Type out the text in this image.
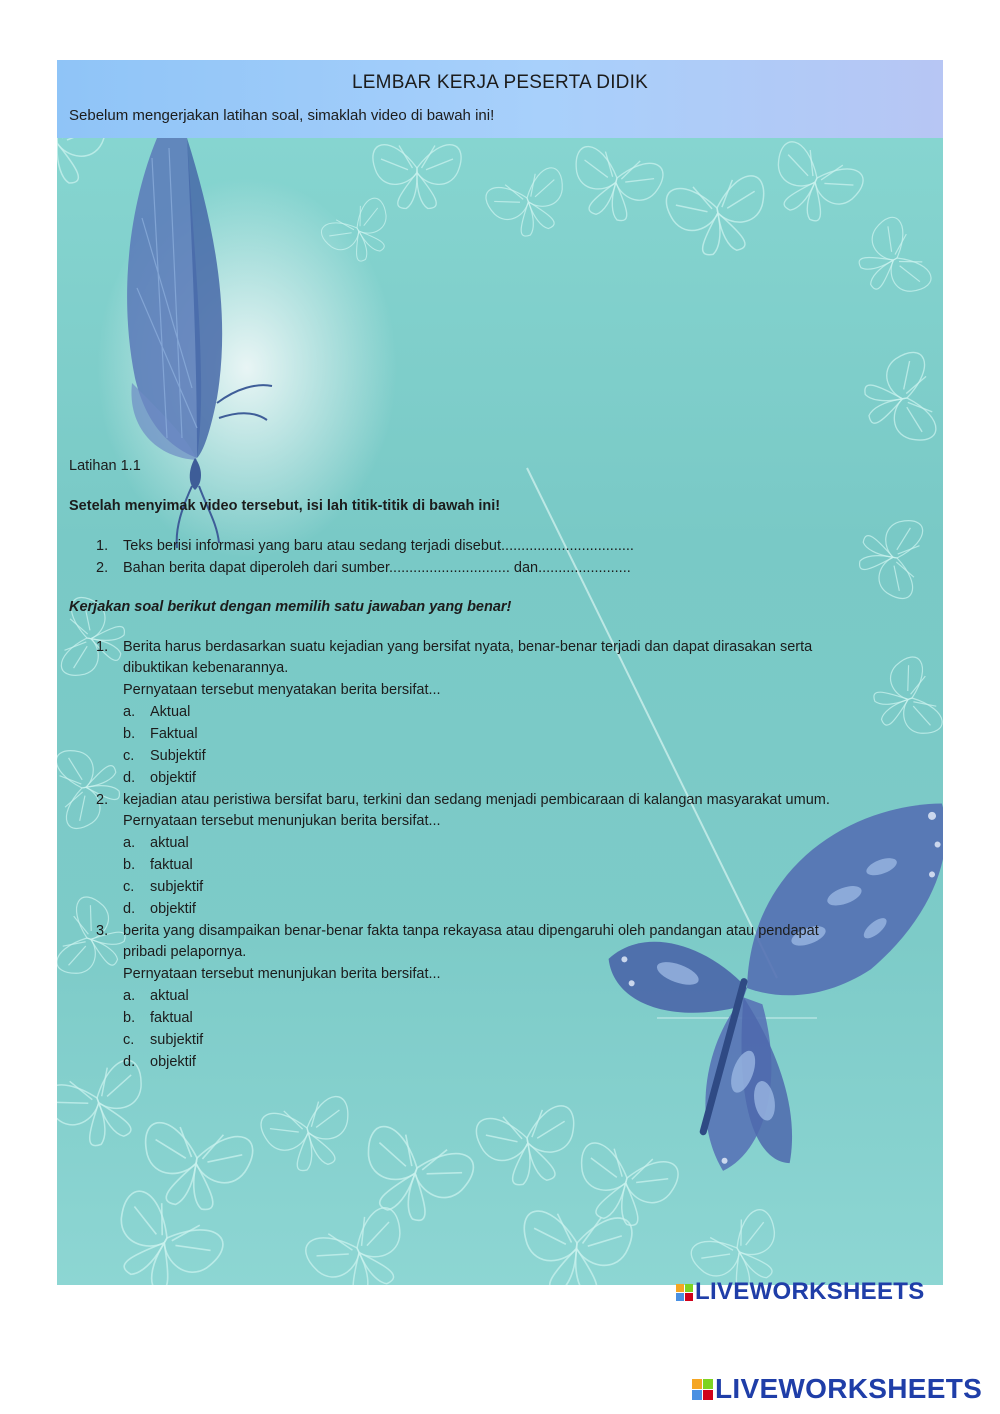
LEMBAR KERJA PESERTA DIDIK
Sebelum mengerjakan latihan soal, simaklah video di bawah ini!
Latihan 1.1
Setelah menyimak video tersebut, isi lah titik-titik di bawah ini!
1. Teks berisi informasi yang baru atau sedang terjadi disebut.................................
2. Bahan berita dapat diperoleh dari sumber.............................. dan.......................
Kerjakan soal berikut dengan memilih satu jawaban yang benar!
1. Berita harus berdasarkan suatu kejadian yang bersifat nyata, benar-benar terjadi dan dapat dirasakan serta
dibuktikan kebenarannya.
Pernyataan tersebut menyatakan berita bersifat...
a. Aktual
b. Faktual
c. Subjektif
d. objektif
2. kejadian atau peristiwa bersifat baru, terkini dan sedang menjadi pembicaraan di kalangan masyarakat umum.
Pernyataan tersebut menunjukan berita bersifat...
a. aktual
b. faktual
c. subjektif
d. objektif
3. berita yang disampaikan benar-benar fakta tanpa rekayasa atau dipengaruhi oleh pandangan atau pendapat
pribadi pelapornya.
Pernyataan tersebut menunjukan berita bersifat...
a. aktual
b. faktual
c. subjektif
d. objektif
LIVEWORKSHEETS
LIVEWORKSHEETS
